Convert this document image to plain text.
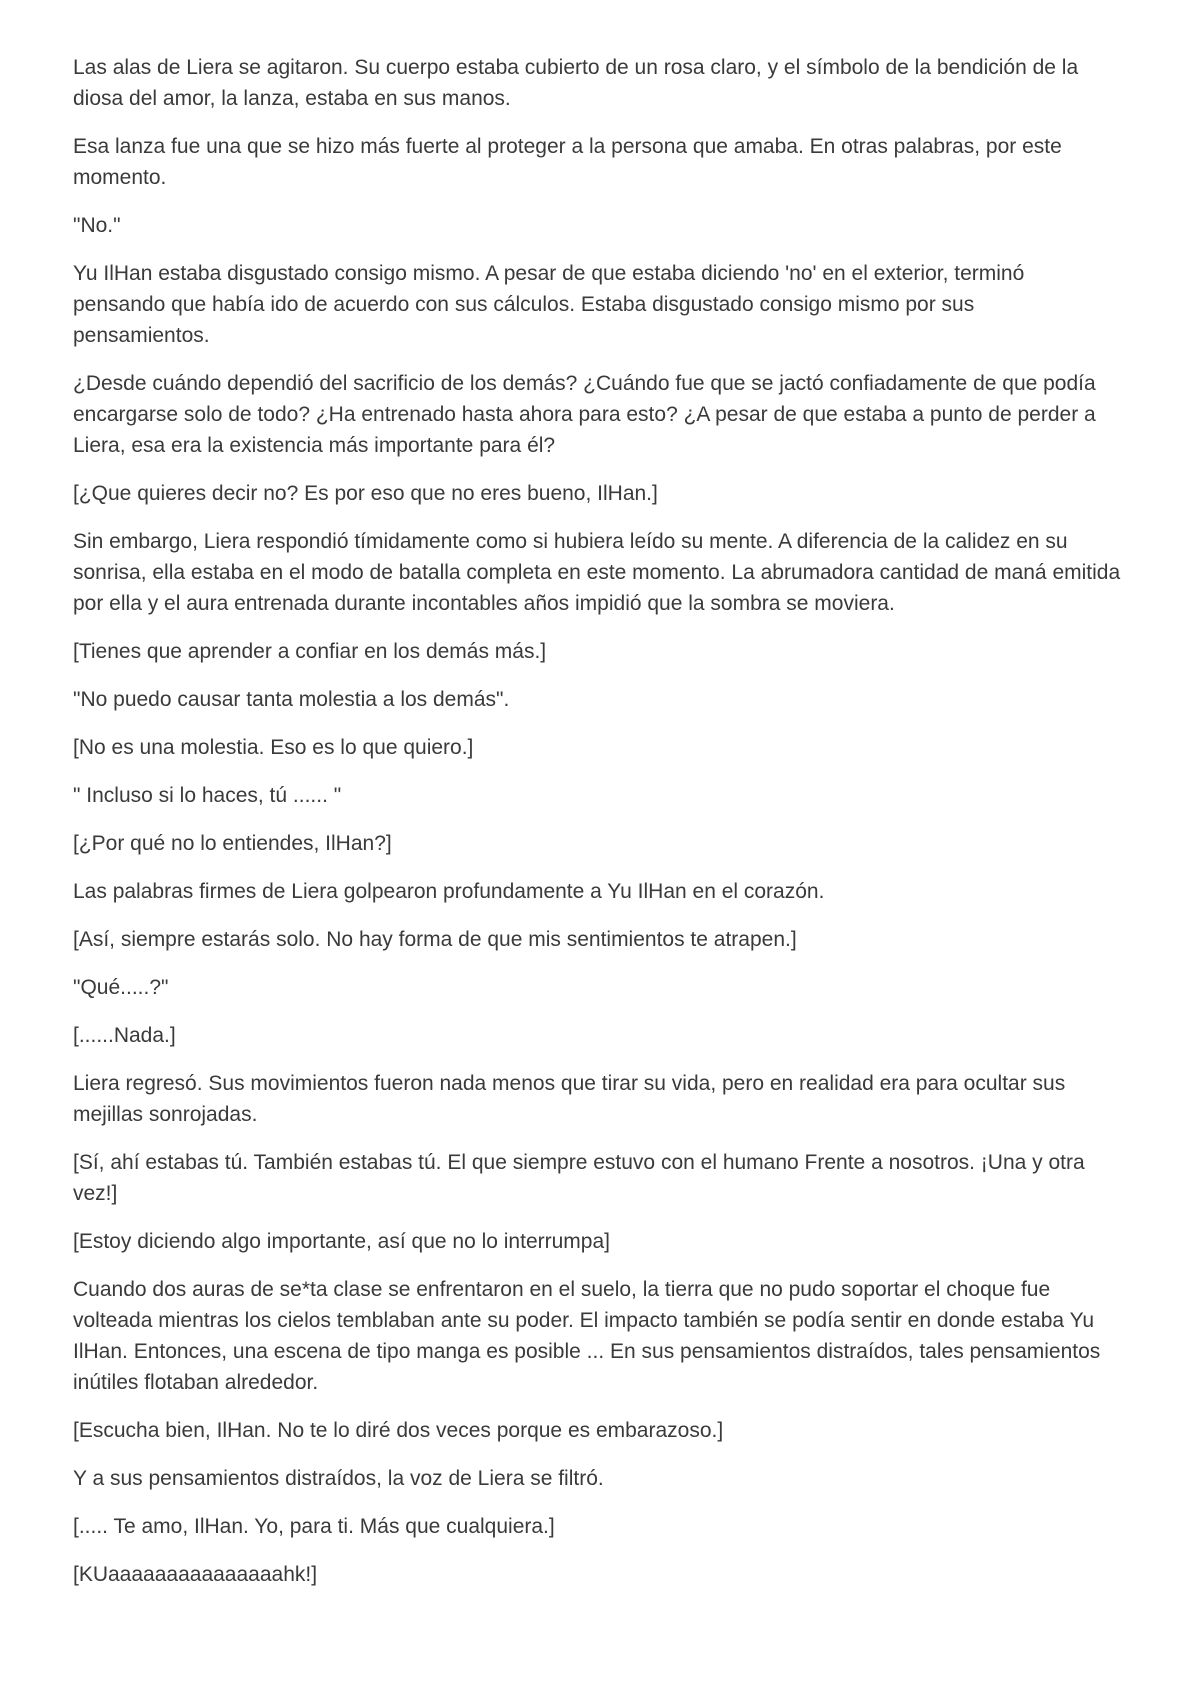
Las alas de Liera se agitaron. Su cuerpo estaba cubierto de un rosa claro, y el símbolo de la bendición de la diosa del amor, la lanza, estaba en sus manos.

Esa lanza fue una que se hizo más fuerte al proteger a la persona que amaba. En otras palabras, por este momento.

"No."

Yu IlHan estaba disgustado consigo mismo. A pesar de que estaba diciendo 'no' en el exterior, terminó pensando que había ido de acuerdo con sus cálculos. Estaba disgustado consigo mismo por sus pensamientos.

¿Desde cuándo dependió del sacrificio de los demás? ¿Cuándo fue que se jactó confiadamente de que podía encargarse solo de todo? ¿Ha entrenado hasta ahora para esto? ¿A pesar de que estaba a punto de perder a Liera, esa era la existencia más importante para él?

[¿Que quieres decir no? Es por eso que no eres bueno, IlHan.]

Sin embargo, Liera respondió tímidamente como si hubiera leído su mente. A diferencia de la calidez en su sonrisa, ella estaba en el modo de batalla completa en este momento. La abrumadora cantidad de maná emitida por ella y el aura entrenada durante incontables años impidió que la sombra se moviera.

[Tienes que aprender a confiar en los demás más.]

"No puedo causar tanta molestia a los demás".

[No es una molestia. Eso es lo que quiero.]

" Incluso si lo haces, tú ...... "

[¿Por qué no lo entiendes, IlHan?]

Las palabras firmes de Liera golpearon profundamente a Yu IlHan en el corazón.

[Así, siempre estarás solo. No hay forma de que mis sentimientos te atrapen.]

"Qué.....?"

[......Nada.]

Liera regresó. Sus movimientos fueron nada menos que tirar su vida, pero en realidad era para ocultar sus mejillas sonrojadas.

[Sí, ahí estabas tú. También estabas tú. El que siempre estuvo con el humano Frente a nosotros. ¡Una y otra vez!]

[Estoy diciendo algo importante, así que no lo interrumpa]

Cuando dos auras de se*ta clase se enfrentaron en el suelo, la tierra que no pudo soportar el choque fue volteada mientras los cielos temblaban ante su poder. El impacto también se podía sentir en donde estaba Yu IlHan. Entonces, una escena de tipo manga es posible ... En sus pensamientos distraídos, tales pensamientos inútiles flotaban alrededor.

[Escucha bien, IlHan. No te lo diré dos veces porque es embarazoso.]

Y a sus pensamientos distraídos, la voz de Liera se filtró.

[..... Te amo, IlHan. Yo, para ti. Más que cualquiera.]

[KUaaaaaaaaaaaaaaahk!]
